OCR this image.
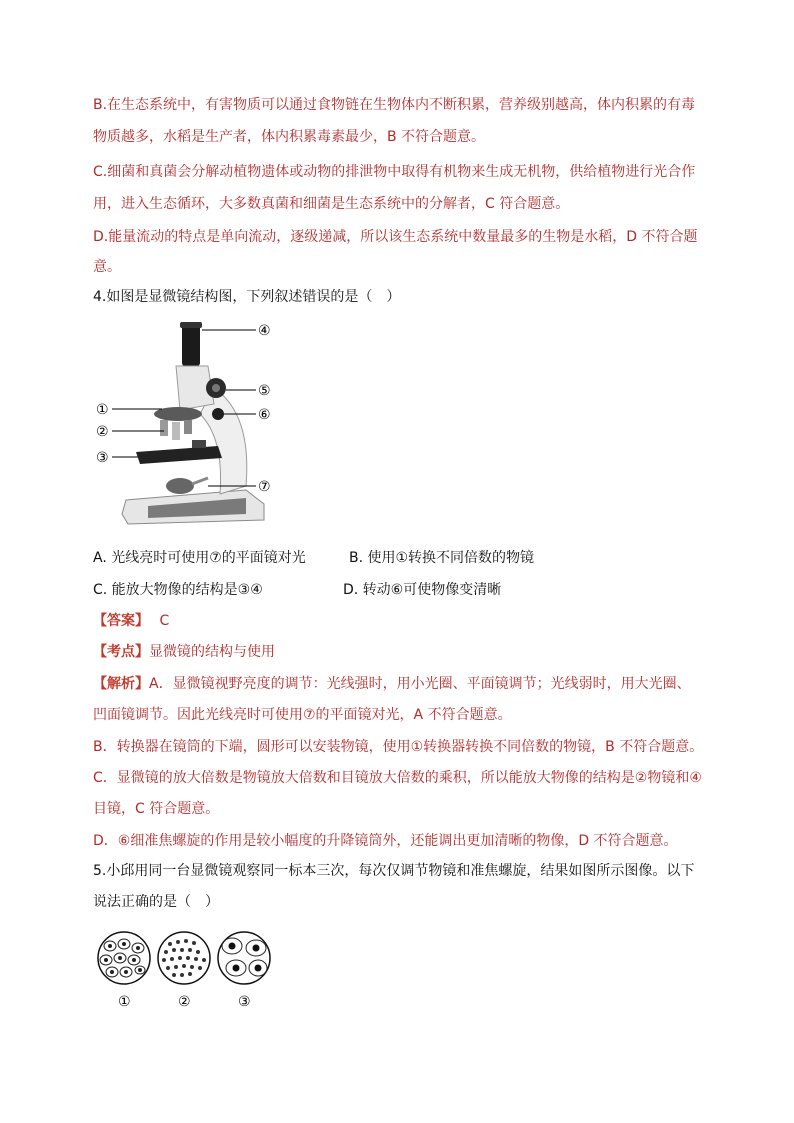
B.在生态系统中，有害物质可以通过食物链在生物体内不断积累，营养级别越高，体内积累的有毒
物质越多，水稻是生产者，体内积累毒素最少，B 不符合题意。
C.细菌和真菌会分解动植物遗体或动物的排泄物中取得有机物来生成无机物，供给植物进行光合作
用，进入生态循环，大多数真菌和细菌是生态系统中的分解者，C 符合题意。
D.能量流动的特点是单向流动，逐级递减，所以该生态系统中数量最多的生物是水稻，D 不符合题
意。
4.如图是显微镜结构图，下列叙述错误的是（　）
①
②
③
④
⑤
⑥
⑦
A. 光线亮时可使用⑦的平面镜对光	B. 使用①转换不同倍数的物镜
C. 能放大物像的结构是③④	D. 转动⑥可使物像变清晰
【答案】 C
【考点】显微镜的结构与使用
【解析】A．显微镜视野亮度的调节：光线强时，用小光圈、平面镜调节；光线弱时，用大光圈、
凹面镜调节。因此光线亮时可使用⑦的平面镜对光，A 不符合题意。
B．转换器在镜筒的下端，圆形可以安装物镜，使用①转换器转换不同倍数的物镜，B 不符合题意。
C．显微镜的放大倍数是物镜放大倍数和目镜放大倍数的乘积，所以能放大物像的结构是②物镜和④
目镜，C 符合题意。
D．⑥细准焦螺旋的作用是较小幅度的升降镜筒外，还能调出更加清晰的物像，D 不符合题意。
5.小邱用同一台显微镜观察同一标本三次，每次仅调节物镜和准焦螺旋，结果如图所示图像。以下
说法正确的是（　）
①	②	③
